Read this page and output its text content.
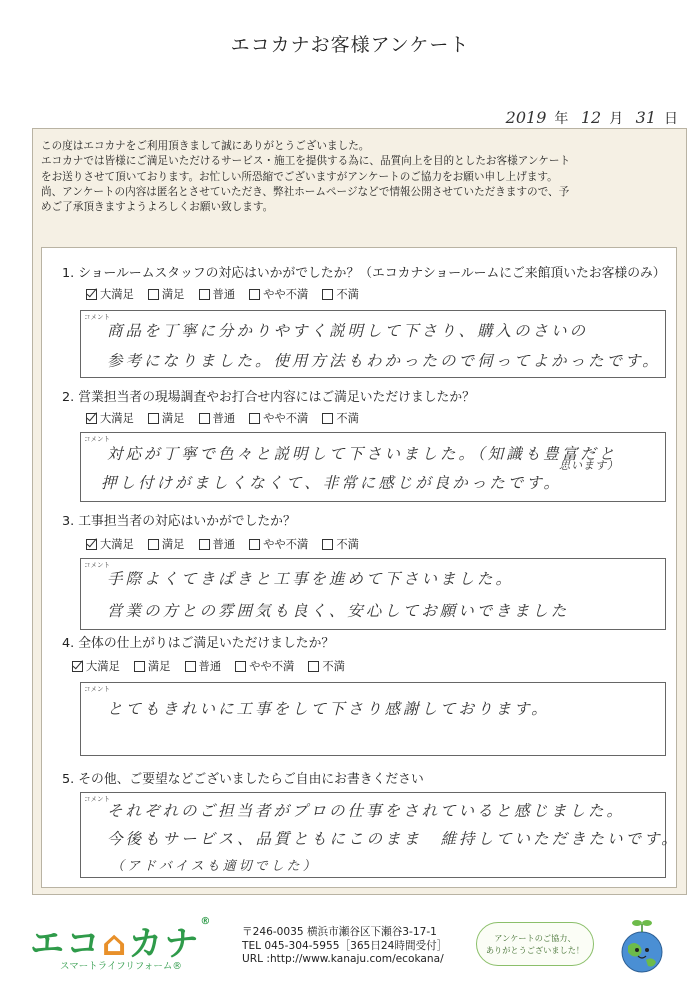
エコカナお客様アンケート
2019 年 12 月 31 日
この度はエコカナをご利用頂きまして誠にありがとうございました。
エコカナでは皆様にご満足いただけるサービス・施工を提供する為に、品質向上を目的としたお客様アンケート
をお送りさせて頂いております。お忙しい所恐縮でございますがアンケートのご協力をお願い申し上げます。
尚、アンケートの内容は匿名とさせていただき、弊社ホームページなどで情報公開させていただきますので、予
めご了承頂きますようよろしくお願い致します。
1. ショールームスタッフの対応はいかがでしたか？（エコカナショールームにご来館頂いたお客様のみ）
大満足 満足 普通 やや不満 不満
コメント
商品を丁寧に分かりやすく説明して下さり、購入のさいの
参考になりました。使用方法もわかったので伺ってよかったです。
2. 営業担当者の現場調査やお打合せ内容にはご満足いただけましたか？
大満足 満足 普通 やや不満 不満
コメント
対応が丁寧で色々と説明して下さいました。（知識も豊富だと
押し付けがましくなくて、非常に感じが良かったです。
思います）
3. 工事担当者の対応はいかがでしたか？
大満足 満足 普通 やや不満 不満
コメント
手際よくてきぱきと工事を進めて下さいました。
営業の方との雰囲気も良く、安心してお願いできました
4. 全体の仕上がりはご満足いただけましたか？
大満足 満足 普通 やや不満 不満
コメント
とてもきれいに工事をして下さり感謝しております。
5. その他、ご要望などございましたらご自由にお書きください
コメント
それぞれのご担当者がプロの仕事をされていると感じました。
今後もサービス、品質ともにこのまま　維持していただきたいです。
（アドバイスも適切でした）
エコ⌂カナ®
スマートライフリフォーム®
〒246-0035 横浜市瀬谷区下瀬谷3-17-1
TEL 045-304-5955［365日24時間受付］
URL :http://www.kanaju.com/ecokana/
アンケートのご協力、
ありがとうございました！
